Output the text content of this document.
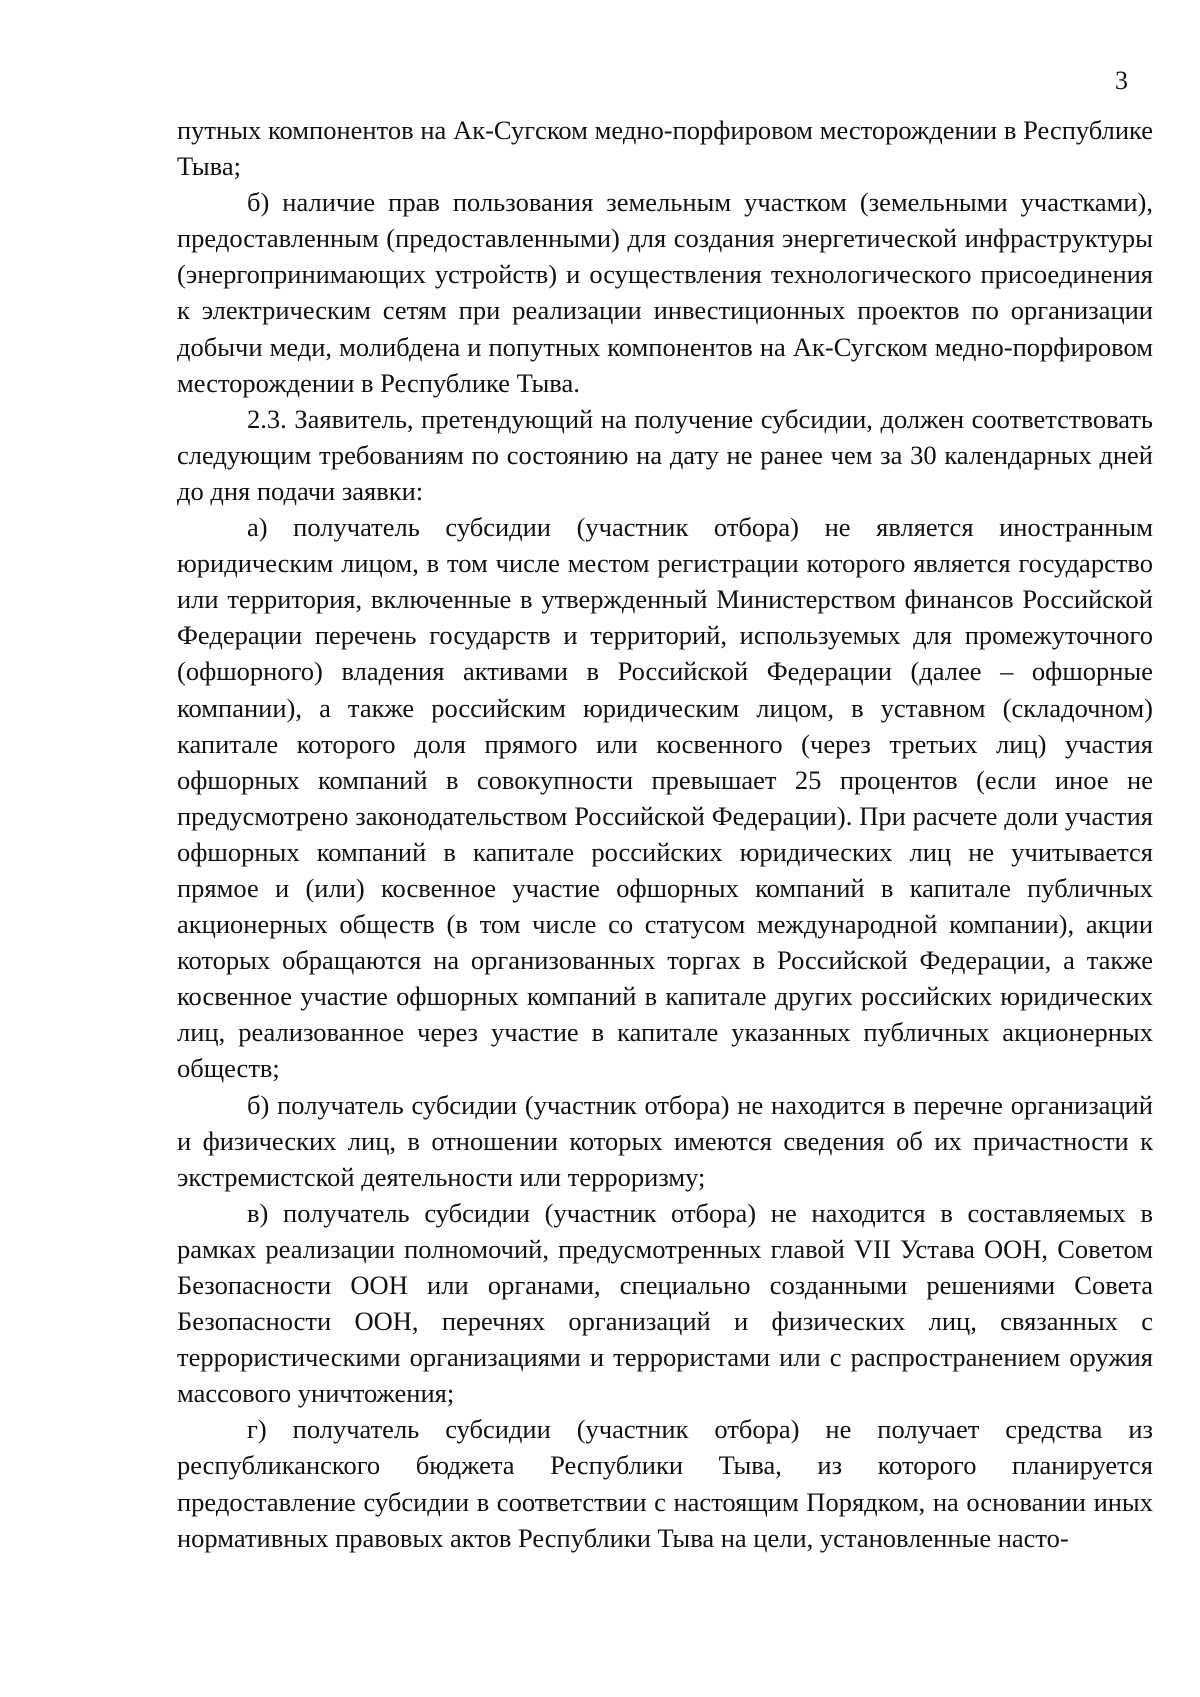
3

путных компонентов на Ак-Сугском медно-порфировом месторождении в Республике Тыва;

б) наличие прав пользования земельным участком (земельными участками), предоставленным (предоставленными) для создания энергетической инфраструктуры (энергопринимающих устройств) и осуществления технологического присоединения к электрическим сетям при реализации инвестиционных проектов по организации добычи меди, молибдена и попутных компонентов на Ак-Сугском медно-порфировом месторождении в Республике Тыва.

2.3. Заявитель, претендующий на получение субсидии, должен соответствовать следующим требованиям по состоянию на дату не ранее чем за 30 календарных дней до дня подачи заявки:

а) получатель субсидии (участник отбора) не является иностранным юридическим лицом, в том числе местом регистрации которого является государство или территория, включенные в утвержденный Министерством финансов Российской Федерации перечень государств и территорий, используемых для промежуточного (офшорного) владения активами в Российской Федерации (далее – офшорные компании), а также российским юридическим лицом, в уставном (складочном) капитале которого доля прямого или косвенного (через третьих лиц) участия офшорных компаний в совокупности превышает 25 процентов (если иное не предусмотрено законодательством Российской Федерации). При расчете доли участия офшорных компаний в капитале российских юридических лиц не учитывается прямое и (или) косвенное участие офшорных компаний в капитале публичных акционерных обществ (в том числе со статусом международной компании), акции которых обращаются на организованных торгах в Российской Федерации, а также косвенное участие офшорных компаний в капитале других российских юридических лиц, реализованное через участие в капитале указанных публичных акционерных обществ;

б) получатель субсидии (участник отбора) не находится в перечне организаций и физических лиц, в отношении которых имеются сведения об их причастности к экстремистской деятельности или терроризму;

в) получатель субсидии (участник отбора) не находится в составляемых в рамках реализации полномочий, предусмотренных главой VII Устава ООН, Советом Безопасности ООН или органами, специально созданными решениями Совета Безопасности ООН, перечнях организаций и физических лиц, связанных с террористическими организациями и террористами или с распространением оружия массового уничтожения;

г) получатель субсидии (участник отбора) не получает средства из республиканского бюджета Республики Тыва, из которого планируется предоставление субсидии в соответствии с настоящим Порядком, на основании иных нормативных правовых актов Республики Тыва на цели, установленные насто-
